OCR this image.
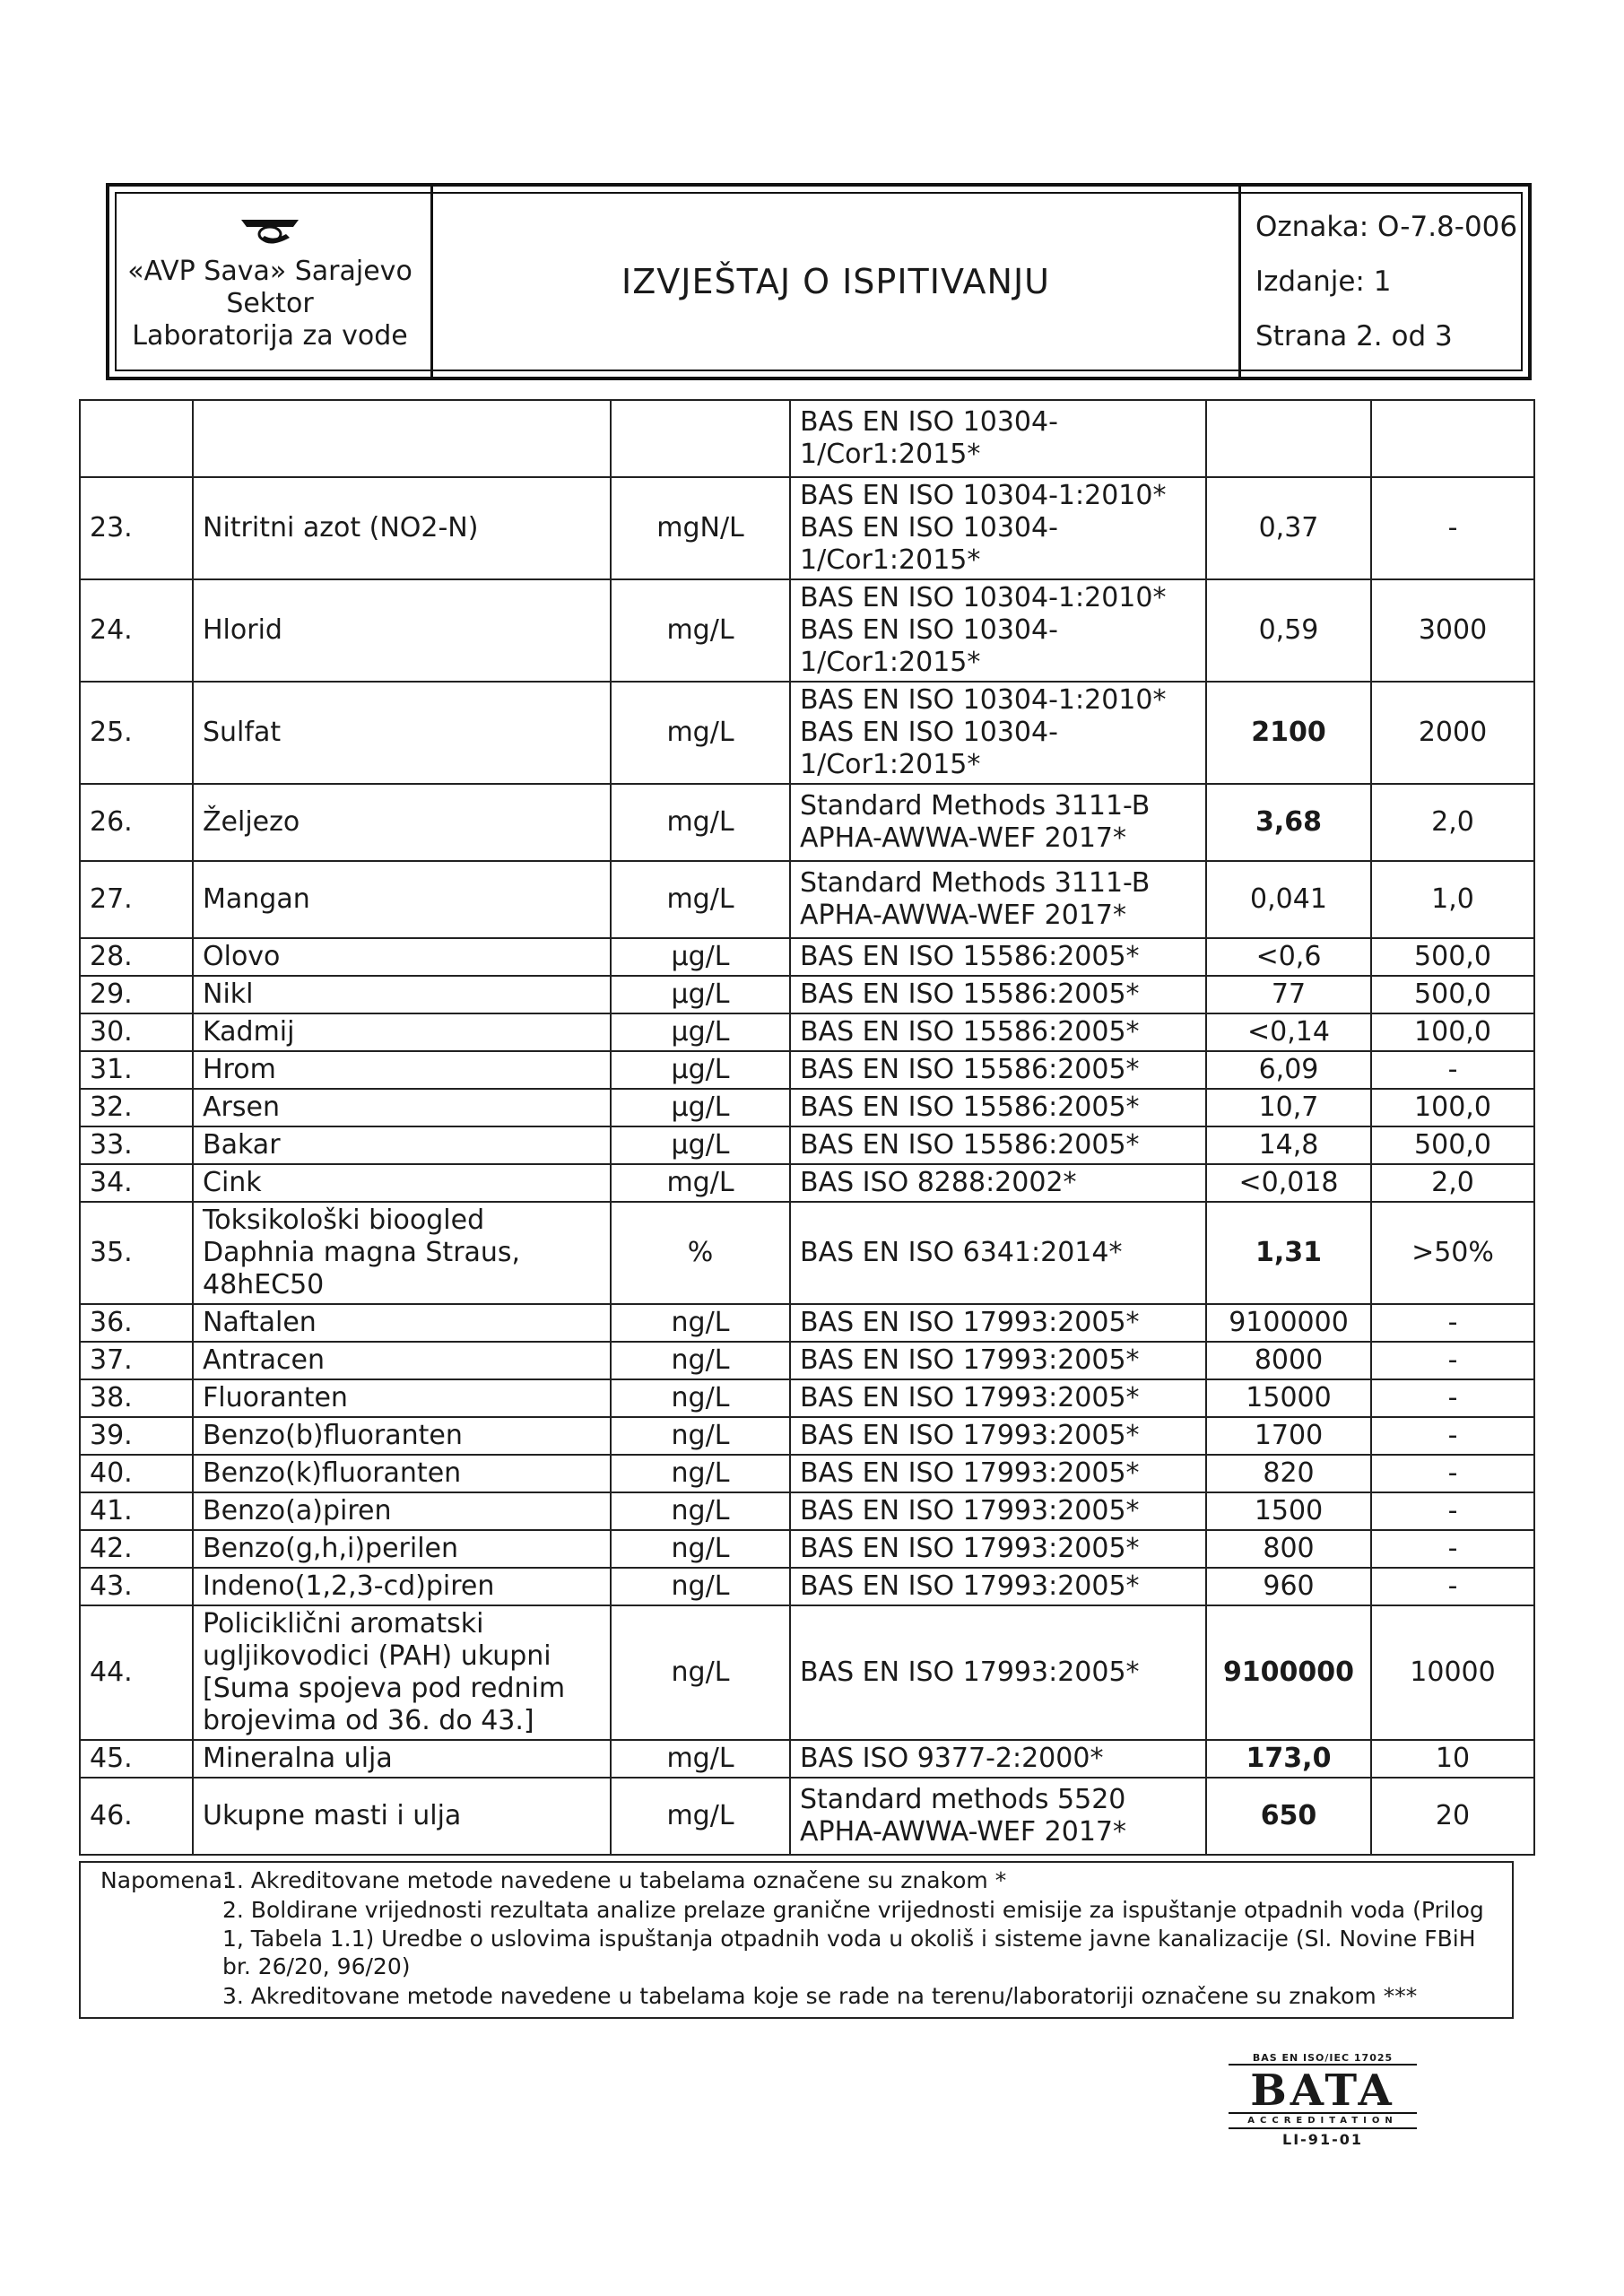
«AVP Sava» Sarajevo
Sektor
Laboratorija za vode
IZVJEŠTAJ O ISPITIVANJU
Oznaka: O-7.8-006
Izdanje: 1
Strana 2. od 3
			BAS EN ISO 10304-1/Cor1:2015*		
23.	Nitritni azot (NO2-N)	mgN/L	BAS EN ISO 10304-1:2010* BAS EN ISO 10304-1/Cor1:2015*	0,37	-
24.	Hlorid	mg/L	BAS EN ISO 10304-1:2010* BAS EN ISO 10304-1/Cor1:2015*	0,59	3000
25.	Sulfat	mg/L	BAS EN ISO 10304-1:2010* BAS EN ISO 10304-1/Cor1:2015*	2100	2000
26.	Željezo	mg/L	Standard Methods 3111-B APHA-AWWA-WEF 2017*	3,68	2,0
27.	Mangan	mg/L	Standard Methods 3111-B APHA-AWWA-WEF 2017*	0,041	1,0
28.	Olovo	µg/L	BAS EN ISO 15586:2005*	<0,6	500,0
29.	Nikl	µg/L	BAS EN ISO 15586:2005*	77	500,0
30.	Kadmij	µg/L	BAS EN ISO 15586:2005*	<0,14	100,0
31.	Hrom	µg/L	BAS EN ISO 15586:2005*	6,09	-
32.	Arsen	µg/L	BAS EN ISO 15586:2005*	10,7	100,0
33.	Bakar	µg/L	BAS EN ISO 15586:2005*	14,8	500,0
34.	Cink	mg/L	BAS ISO 8288:2002*	<0,018	2,0
35.	Toksikološki bioogled Daphnia magna Straus, 48hEC50	%	BAS EN ISO 6341:2014*	1,31	>50%
36.	Naftalen	ng/L	BAS EN ISO 17993:2005*	9100000	-
37.	Antracen	ng/L	BAS EN ISO 17993:2005*	8000	-
38.	Fluoranten	ng/L	BAS EN ISO 17993:2005*	15000	-
39.	Benzo(b)fluoranten	ng/L	BAS EN ISO 17993:2005*	1700	-
40.	Benzo(k)fluoranten	ng/L	BAS EN ISO 17993:2005*	820	-
41.	Benzo(a)piren	ng/L	BAS EN ISO 17993:2005*	1500	-
42.	Benzo(g,h,i)perilen	ng/L	BAS EN ISO 17993:2005*	800	-
43.	Indeno(1,2,3-cd)piren	ng/L	BAS EN ISO 17993:2005*	960	-
44.	Policiklični aromatski ugljikovodici (PAH) ukupni [Suma spojeva pod rednim brojevima od 36. do 43.]	ng/L	BAS EN ISO 17993:2005*	9100000	10000
45.	Mineralna ulja	mg/L	BAS ISO 9377-2:2000*	173,0	10
46.	Ukupne masti i ulja	mg/L	Standard methods 5520 APHA-AWWA-WEF 2017*	650	20
Napomena:
1. Akreditovane metode navedene u tabelama označene su znakom *
2. Boldirane vrijednosti rezultata analize prelaze granične vrijednosti emisije za ispuštanje otpadnih voda (Prilog 1, Tabela 1.1) Uredbe o uslovima ispuštanja otpadnih voda u okoliš i sisteme javne kanalizacije (Sl. Novine FBiH br. 26/20, 96/20)
3. Akreditovane metode navedene u tabelama koje se rade na terenu/laboratoriji označene su znakom ***
BAS EN ISO/IEC 17025
BATA
ACCREDITATION
LI-91-01
